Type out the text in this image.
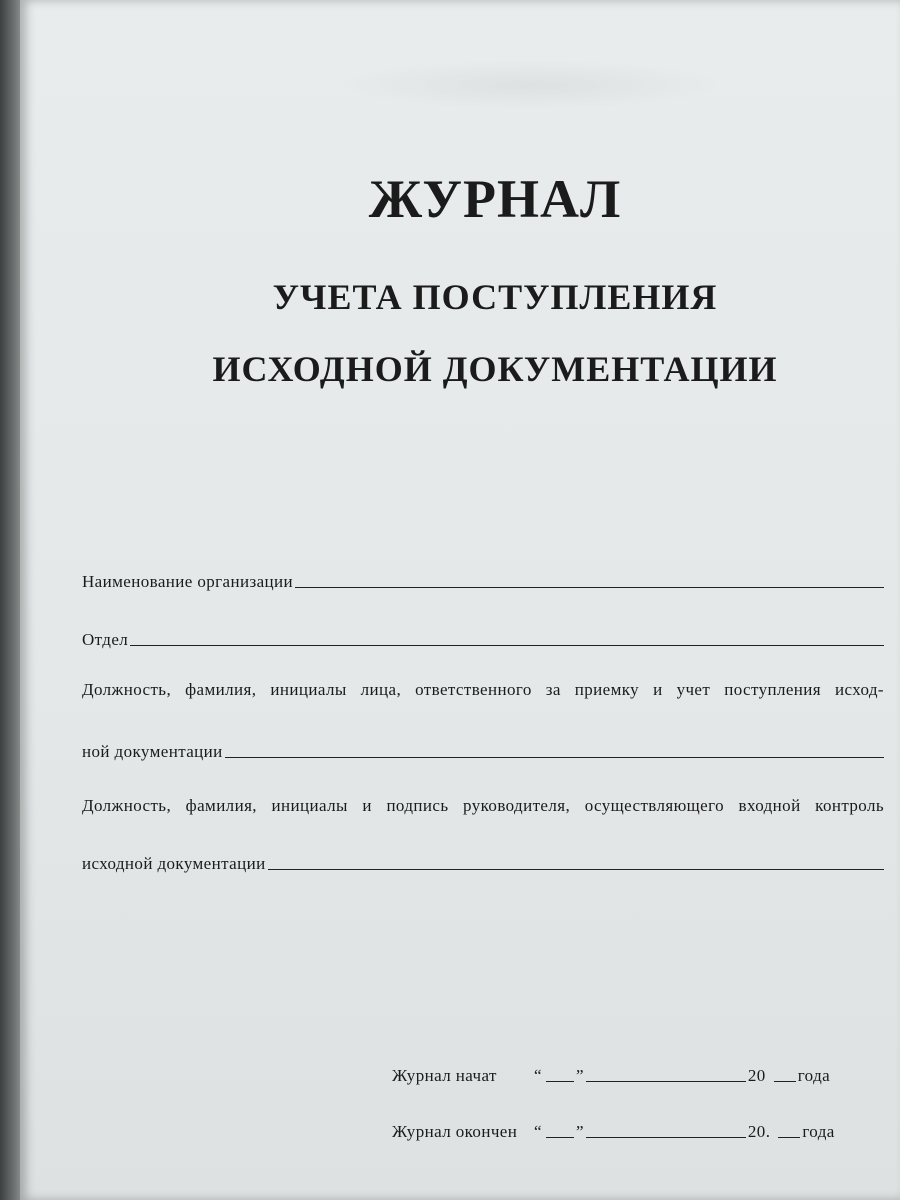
ЖУРНАЛ
УЧЕТА ПОСТУПЛЕНИЯ
ИСХОДНОЙ ДОКУМЕНТАЦИИ
Наименование организации
Отдел
Должность, фамилия, инициалы лица, ответственного за приемку и учет поступления исход-
ной документации
Должность, фамилия, инициалы и подпись руководителя, осуществляющего входной контроль
исходной документации
Журнал начат	“ ”	20 года
Журнал окончен “ ”	20. года
